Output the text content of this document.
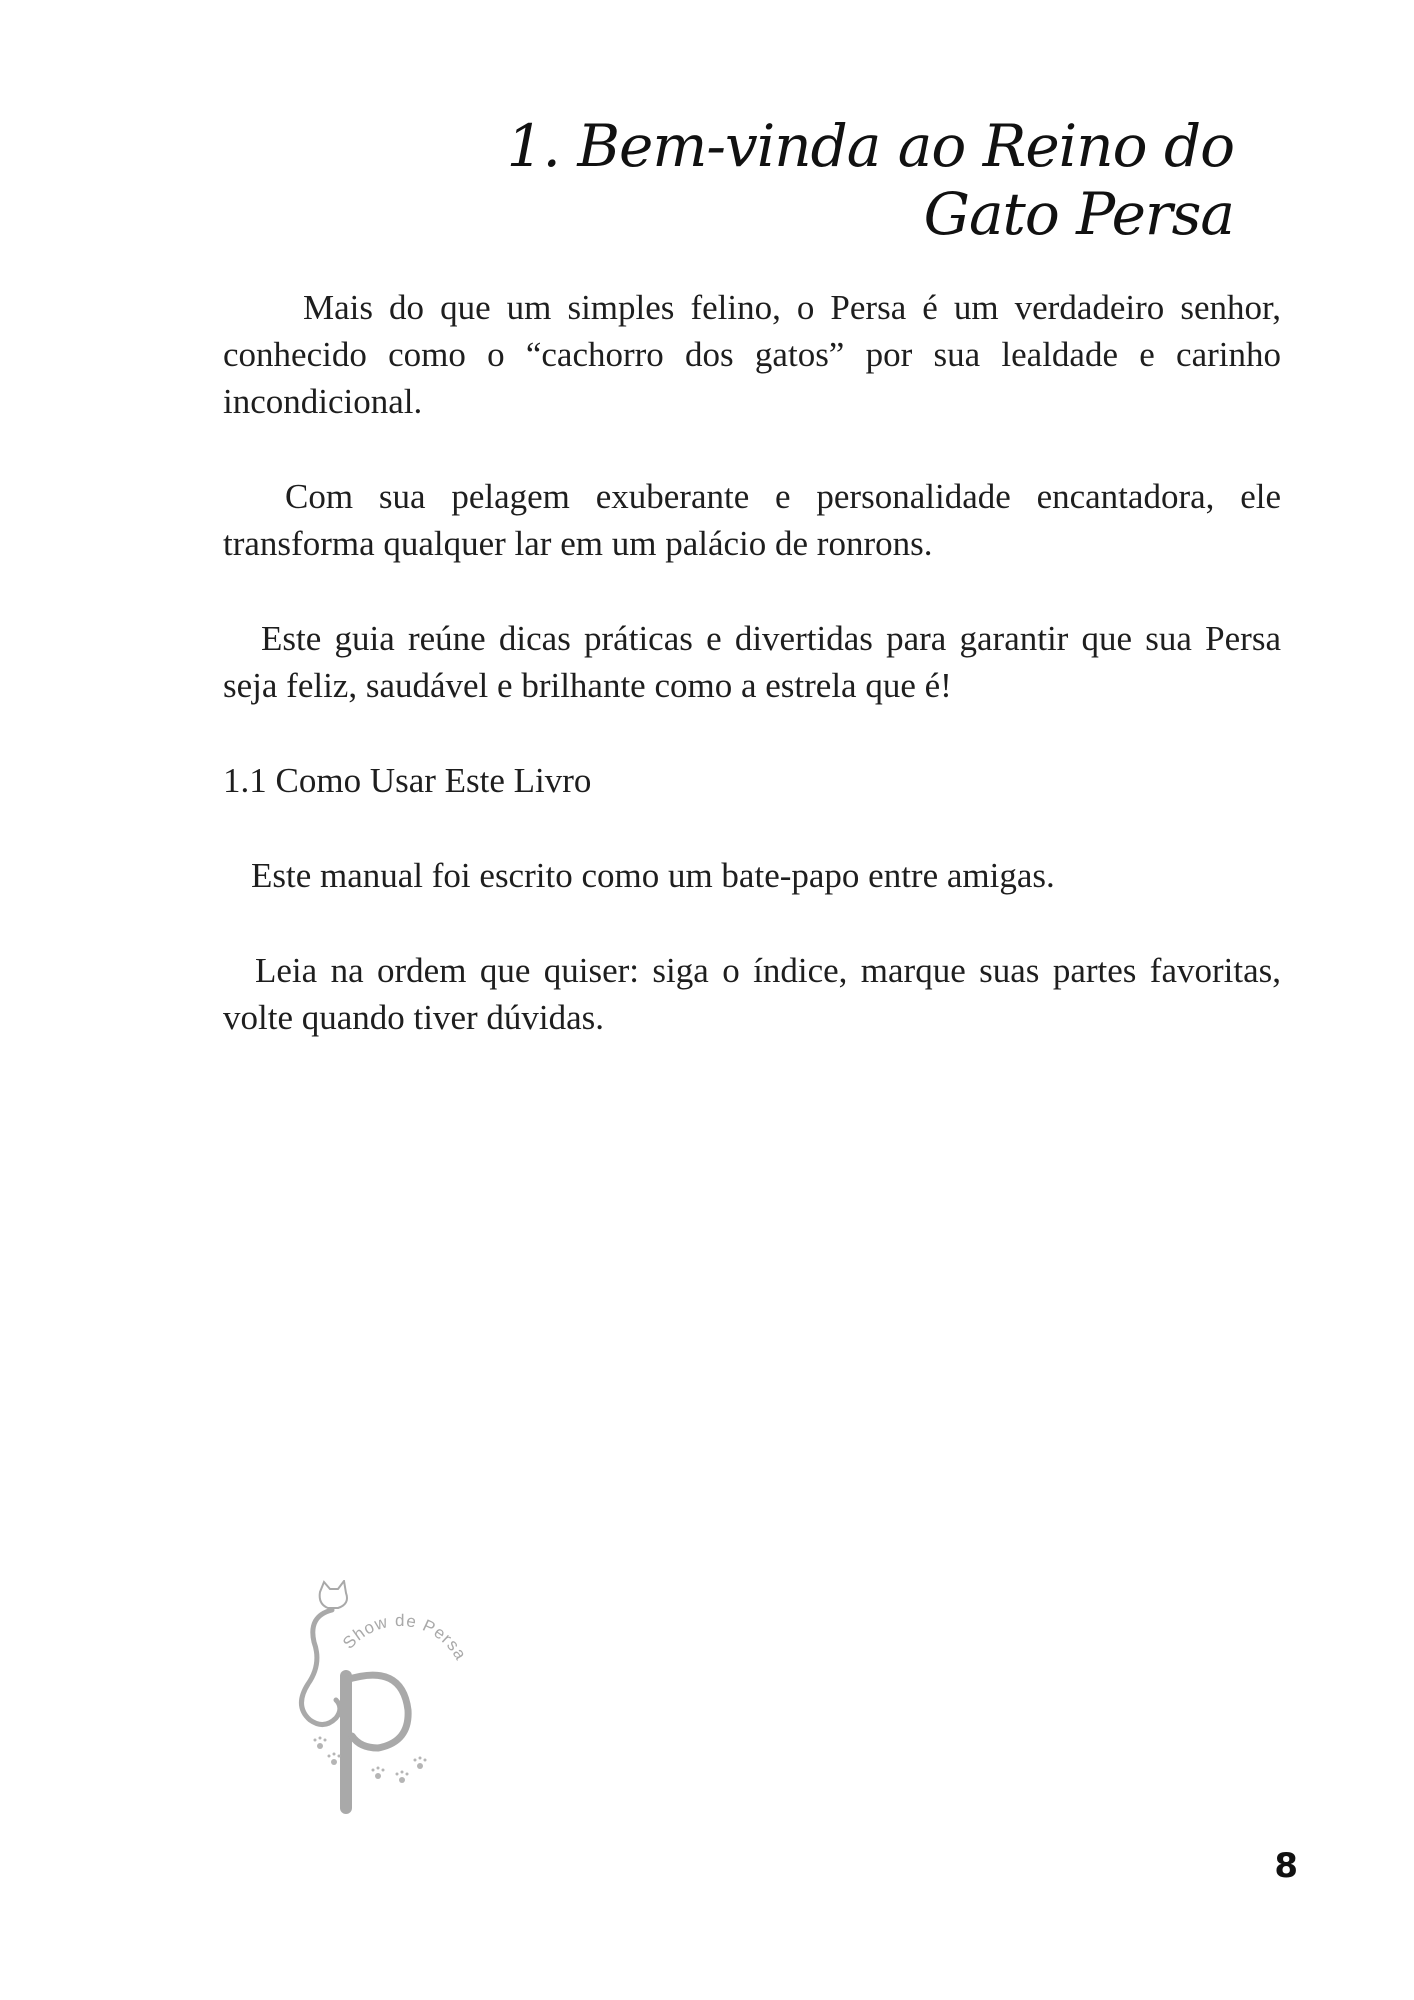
1. Bem-vinda ao Reino do Gato Persa

Mais do que um simples felino, o Persa é um verdadeiro senhor, conhecido como o “cachorro dos gatos” por sua lealdade e carinho incondicional.

Com sua pelagem exuberante e personalidade encantadora, ele transforma qualquer lar em um palácio de ronrons.

Este guia reúne dicas práticas e divertidas para garantir que sua Persa seja feliz, saudável e brilhante como a estrela que é!

1.1 Como Usar Este Livro

Este manual foi escrito como um bate-papo entre amigas.

Leia na ordem que quiser: siga o índice, marque suas partes favoritas, volte quando tiver dúvidas.

Show de Persa
8
